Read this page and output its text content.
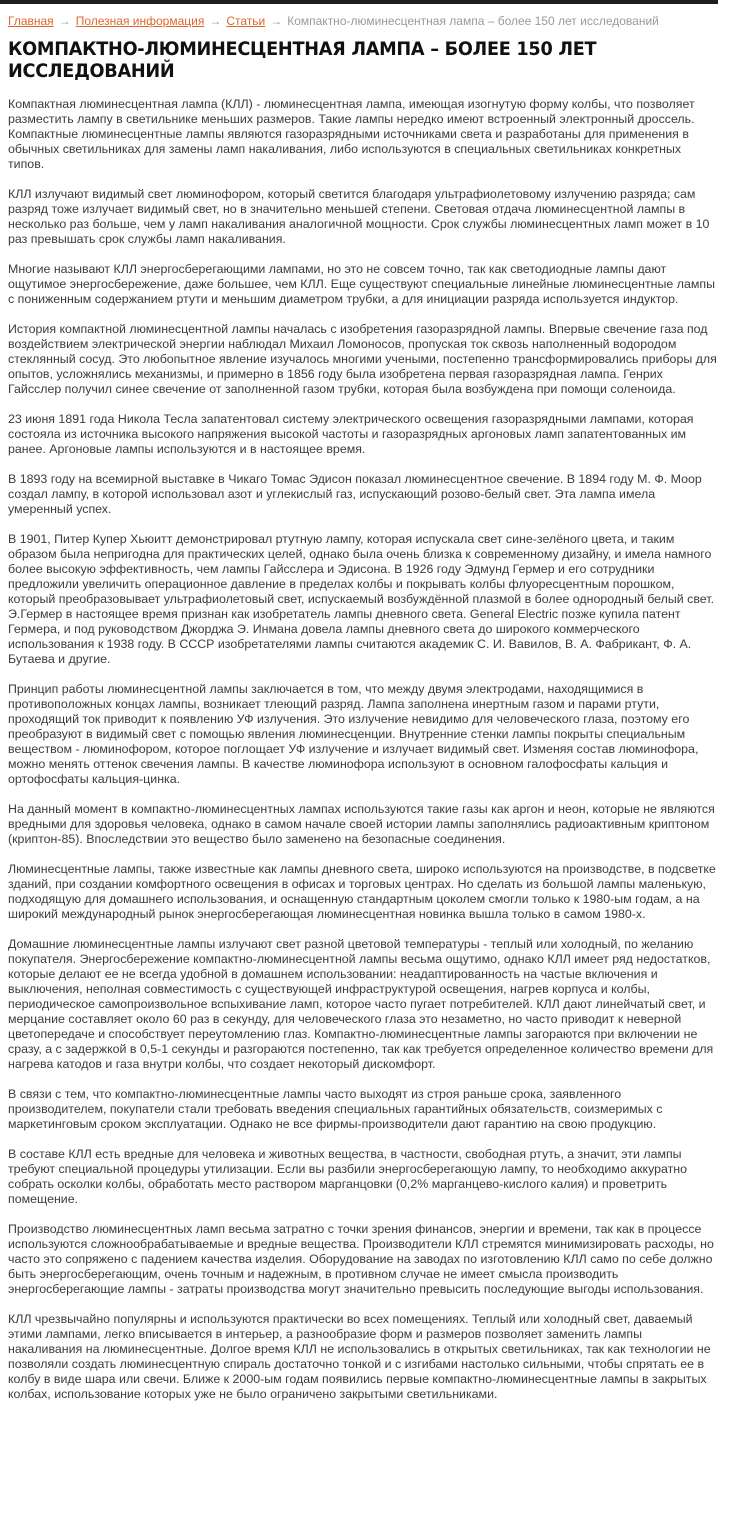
Главная → Полезная информация → Статьи → Компактно-люминесцентная лампа – более 150 лет исследований
КОМПАКТНО-ЛЮМИНЕСЦЕНТНАЯ ЛАМПА – БОЛЕЕ 150 ЛЕТ ИССЛЕДОВАНИЙ

Компактная люминесцентная лампа (КЛЛ) - люминесцентная лампа, имеющая изогнутую форму колбы, что позволяет разместить лампу в светильнике меньших размеров. Такие лампы нередко имеют встроенный электронный дроссель. Компактные люминесцентные лампы являются газоразрядными источниками света и разработаны для применения в обычных светильниках для замены ламп накаливания, либо используются в специальных светильниках конкретных типов.

КЛЛ излучают видимый свет люминофором, который светится благодаря ультрафиолетовому излучению разряда; сам разряд тоже излучает видимый свет, но в значительно меньшей степени. Световая отдача люминесцентной лампы в несколько раз больше, чем у ламп накаливания аналогичной мощности. Срок службы люминесцентных ламп может в 10 раз превышать срок службы ламп накаливания.

Многие называют КЛЛ энергосберегающими лампами, но это не совсем точно, так как светодиодные лампы дают ощутимое энергосбережение, даже большее, чем КЛЛ. Еще существуют специальные линейные люминесцентные лампы с пониженным содержанием ртути и меньшим диаметром трубки, а для инициации разряда используется индуктор.

История компактной люминесцентной лампы началась с изобретения газоразрядной лампы. Впервые свечение газа под воздействием электрической энергии наблюдал Михаил Ломоносов, пропуская ток сквозь наполненный водородом стеклянный сосуд. Это любопытное явление изучалось многими учеными, постепенно трансформировались приборы для опытов, усложнялись механизмы, и примерно в 1856 году была изобретена первая газоразрядная лампа. Генрих Гайсслер получил синее свечение от заполненной газом трубки, которая была возбуждена при помощи соленоида.

23 июня 1891 года Никола Тесла запатентовал систему электрического освещения газоразрядными лампами, которая состояла из источника высокого напряжения высокой частоты и газоразрядных аргоновых ламп запатентованных им ранее. Аргоновые лампы используются и в настоящее время.

В 1893 году на всемирной выставке в Чикаго Томас Эдисон показал люминесцентное свечение. В 1894 году М. Ф. Моор создал лампу, в которой использовал азот и углекислый газ, испускающий розово-белый свет. Эта лампа имела умеренный успех.

В 1901, Питер Купер Хьюитт демонстрировал ртутную лампу, которая испускала свет сине-зелёного цвета, и таким образом была непригодна для практических целей, однако была очень близка к современному дизайну, и имела намного более высокую эффективность, чем лампы Гайсслера и Эдисона. В 1926 году Эдмунд Гермер и его сотрудники предложили увеличить операционное давление в пределах колбы и покрывать колбы флуоресцентным порошком, который преобразовывает ультрафиолетовый свет, испускаемый возбуждённой плазмой в более однородный белый свет. Э.Гермер в настоящее время признан как изобретатель лампы дневного света. General Electric позже купила патент Гермера, и под руководством Джорджа Э. Инмана довела лампы дневного света до широкого коммерческого использования к 1938 году. В СССР изобретателями лампы считаются академик С. И. Вавилов, В. А. Фабрикант, Ф. А. Бутаева и другие.

Принцип работы люминесцентной лампы заключается в том, что между двумя электродами, находящимися в противоположных концах лампы, возникает тлеющий разряд. Лампа заполнена инертным газом и парами ртути, проходящий ток приводит к появлению УФ излучения. Это излучение невидимо для человеческого глаза, поэтому его преобразуют в видимый свет с помощью явления люминесценции. Внутренние стенки лампы покрыты специальным веществом - люминофором, которое поглощает УФ излучение и излучает видимый свет. Изменяя состав люминофора, можно менять оттенок свечения лампы. В качестве люминофора используют в основном галофосфаты кальция и ортофосфаты кальция-цинка.

На данный момент в компактно-люминесцентных лампах используются такие газы как аргон и неон, которые не являются вредными для здоровья человека, однако в самом начале своей истории лампы заполнялись радиоактивным криптоном (криптон-85). Впоследствии это вещество было заменено на безопасные соединения.

Люминесцентные лампы, также известные как лампы дневного света, широко используются на производстве, в подсветке зданий, при создании комфортного освещения в офисах и торговых центрах. Но сделать из большой лампы маленькую, подходящую для домашнего использования, и оснащенную стандартным цоколем смогли только к 1980-ым годам, а на широкий международный рынок энергосберегающая люминесцентная новинка вышла только в самом 1980-х.

Домашние люминесцентные лампы излучают свет разной цветовой температуры - теплый или холодный, по желанию покупателя. Энергосбережение компактно-люминесцентной лампы весьма ощутимо, однако КЛЛ имеет ряд недостатков, которые делают ее не всегда удобной в домашнем использовании: неадаптированность на частые включения и выключения, неполная совместимость с существующей инфраструктурой освещения, нагрев корпуса и колбы, периодическое самопроизвольное вспыхивание ламп, которое часто пугает потребителей. КЛЛ дают линейчатый свет, и мерцание составляет около 60 раз в секунду, для человеческого глаза это незаметно, но часто приводит к неверной цветопередаче и способствует переутомлению глаз. Компактно-люминесцентные лампы загораются при включении не сразу, а с задержкой в 0,5-1 секунды и разгораются постепенно, так как требуется определенное количество времени для нагрева катодов и газа внутри колбы, что создает некоторый дискомфорт.

В связи с тем, что компактно-люминесцентные лампы часто выходят из строя раньше срока, заявленного производителем, покупатели стали требовать введения специальных гарантийных обязательств, соизмеримых с маркетинговым сроком эксплуатации. Однако не все фирмы-производители дают гарантию на свою продукцию.

В составе КЛЛ есть вредные для человека и животных вещества, в частности, свободная ртуть, а значит, эти лампы требуют специальной процедуры утилизации. Если вы разбили энергосберегающую лампу, то необходимо аккуратно собрать осколки колбы, обработать место раствором марганцовки (0,2% марганцево-кислого калия) и проветрить помещение.

Производство люминесцентных ламп весьма затратно с точки зрения финансов, энергии и времени, так как в процессе используются сложнообрабатываемые и вредные вещества. Производители КЛЛ стремятся минимизировать расходы, но часто это сопряжено с падением качества изделия. Оборудование на заводах по изготовлению КЛЛ само по себе должно быть энергосберегающим, очень точным и надежным, в противном случае не имеет смысла производить энергосберегающие лампы - затраты производства могут значительно превысить последующие выгоды использования.

КЛЛ чрезвычайно популярны и используются практически во всех помещениях. Теплый или холодный свет, даваемый этими лампами, легко вписывается в интерьер, а разнообразие форм и размеров позволяет заменить лампы накаливания на люминесцентные. Долгое время КЛЛ не использовались в открытых светильниках, так как технологии не позволяли создать люминесцентную спираль достаточно тонкой и с изгибами настолько сильными, чтобы спрятать ее в колбу в виде шара или свечи. Ближе к 2000-ым годам появились первые компактно-люминесцентные лампы в закрытых колбах, использование которых уже не было ограничено закрытыми светильниками.
